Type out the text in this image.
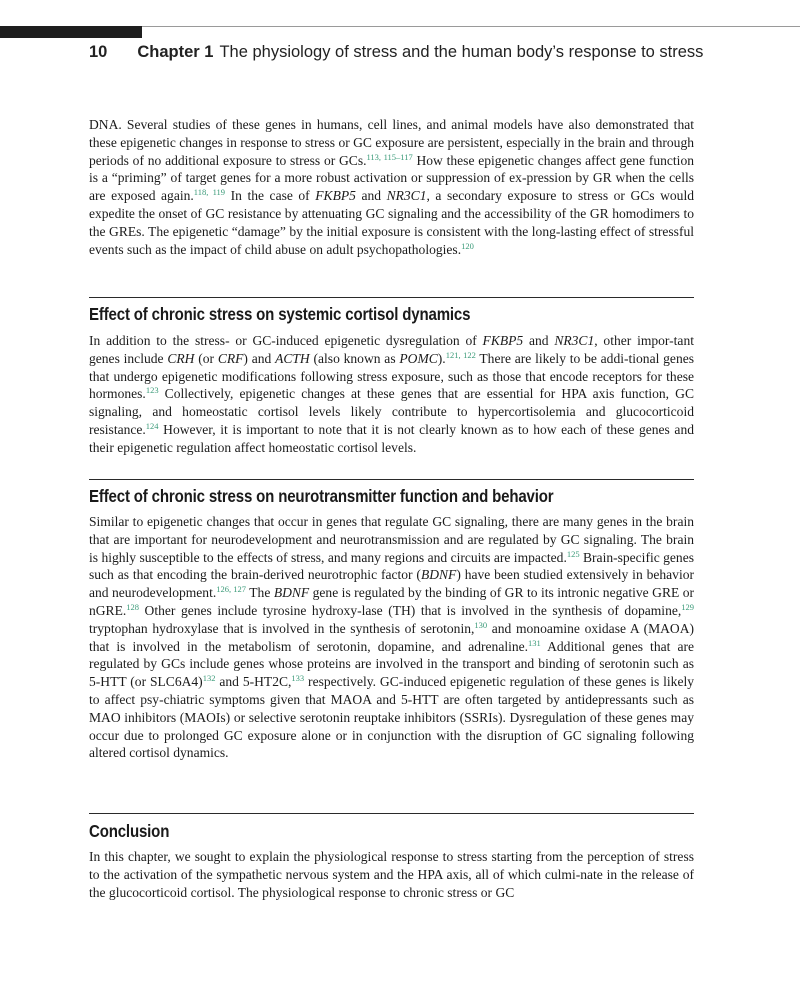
10 Chapter 1 The physiology of stress and the human body’s response to stress

DNA. Several studies of these genes in humans, cell lines, and animal models have also demonstrated that these epigenetic changes in response to stress or GC exposure are persistent, especially in the brain and through periods of no additional exposure to stress or GCs.$^{113, 115-117}$ How these epigenetic changes affect gene function is a “priming” of target genes for a more robust activation or suppression of ex-pression by GR when the cells are exposed again.$^{118, 119}$ In the case of FKBP5 and NR3C1, a secondary exposure to stress or GCs would expedite the onset of GC resistance by attenuating GC signaling and the accessibility of the GR homodimers to the GREs. The epigenetic “damage” by the initial exposure is consistent with the long-lasting effect of stressful events such as the impact of child abuse on adult psychopathologies.$^{120}$

Effect of chronic stress on systemic cortisol dynamics

In addition to the stress- or GC-induced epigenetic dysregulation of FKBP5 and NR3C1, other impor-tant genes include CRH (or CRF) and ACTH (also known as POMC).$^{121, 122}$ There are likely to be addi-tional genes that undergo epigenetic modifications following stress exposure, such as those that encode receptors for these hormones.$^{123}$ Collectively, epigenetic changes at these genes that are essential for HPA axis function, GC signaling, and homeostatic cortisol levels likely contribute to hypercortisolemia and glucocorticoid resistance.$^{124}$ However, it is important to note that it is not clearly known as to how each of these genes and their epigenetic regulation affect homeostatic cortisol levels.

Effect of chronic stress on neurotransmitter function and behavior

Similar to epigenetic changes that occur in genes that regulate GC signaling, there are many genes in the brain that are important for neurodevelopment and neurotransmission and are regulated by GC signaling. The brain is highly susceptible to the effects of stress, and many regions and circuits are impacted.$^{125}$ Brain-specific genes such as that encoding the brain-derived neurotrophic factor (BDNF) have been studied extensively in behavior and neurodevelopment.$^{126, 127}$ The BDNF gene is regulated by the binding of GR to its intronic negative GRE or nGRE.$^{128}$ Other genes include tyrosine hydroxy-lase (TH) that is involved in the synthesis of dopamine,$^{129}$ tryptophan hydroxylase that is involved in the synthesis of serotonin,$^{130}$ and monoamine oxidase A (MAOA) that is involved in the metabolism of serotonin, dopamine, and adrenaline.$^{131}$ Additional genes that are regulated by GCs include genes whose proteins are involved in the transport and binding of serotonin such as 5-HTT (or SLC6A4)$^{132}$ and 5-HT2C,$^{133}$ respectively. GC-induced epigenetic regulation of these genes is likely to affect psy-chiatric symptoms given that MAOA and 5-HTT are often targeted by antidepressants such as MAO inhibitors (MAOIs) or selective serotonin reuptake inhibitors (SSRIs). Dysregulation of these genes may occur due to prolonged GC exposure alone or in conjunction with the disruption of GC signaling following altered cortisol dynamics.

Conclusion

In this chapter, we sought to explain the physiological response to stress starting from the perception of stress to the activation of the sympathetic nervous system and the HPA axis, all of which culmi-nate in the release of the glucocorticoid cortisol. The physiological response to chronic stress or GC
